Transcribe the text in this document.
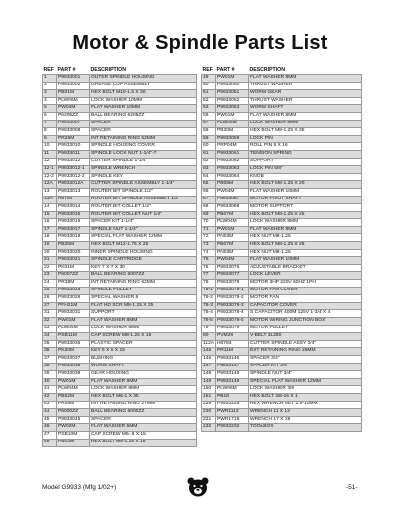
Motor & Spindle Parts List
REF	PART #	DESCRIPTION
1	P9933001	OUTER SPINDLE HOUSING
2	P9933002	GREASE CUP ASSEMBLY
3	PB01M	HEX BOLT M10-1.5 X 30
4	PLW06M	LOCK WASHER 10MM
5	PW04M	FLAT WASHER 10MM
6	P6205ZZ	BALL BEARING 6205ZZ
7	P9933007	SPACER
8	P9933008	SPACER
9	PR26M	INT RETAINING RING 52MM
10	P9933010	SPINDLE HOUSING COVER
11	P9933011	SPINDLE LOCK NUT 1-1/4"-7
12	P9933012	CUTTER SPINDLE 1-1/4"
12-1	P9933012-1	SPINDLE WRENCH
12-2	P9933012-2	SPINDLE KEY
12A	P9933012A	CUTTER SPINDLE ASSEMBLY 1-1/4"
13	P9933013	ROUTER BIT SPINDLE 1/2"
13A	H0784	ROUTER BIT SPINDLE ASSEMBLY 1/2"
14	P9933014	ROUTER BIT COLLET 1/2"
15	P9933015	ROUTER BIT COLLET NUT 1/2"
16	P9933016	SPACER KIT 1-1/4"
17	P9933017	SPINDLE NUT 1-1/4"
18	P9933018	SPECIAL FLAT WASHER 12MM
19	PB25M	HEX BOLT M12-1.75 X 25
20	P9933020	INNER SPINDLE HOUSING
21	P9933021	SPINDLE CARTRIDGE
22	PK01M	KEY 7 X 7 X 30
23	P6007ZZ	BALL BEARING 6007ZZ
24	PR38M	INT RETAINING RING 62MM
25	P9933025	SPINDLE PULLEY
26	P9933026	SPECIAL WASHER 8
27	PFH21M	FLAT HD SCR M8-1.25 X 25
31	P9933031	SUPPORT
32	PW01M	FLAT WASHER 8MM
33	PLW04M	LOCK WASHER 8MM
34	PSB11M	CAP SCREW M8-1.25 X 16
35	P9933035	PLASTIC SPACER
36	PK20M	KEY 5 X 5 X 15
37	P9933037	BUSHING
38	P9933038	WORM SHAFT
39	P9933039	GEAR HOUSING
40	PW01M	FLAT WASHER 8MM
41	PLW04M	LOCK WASHER 8MM
42	PB52M	HEX BOLT M6-1 X 35
43	PR46M	INT RETAINING RING 27MM
44	P6000ZZ	BALL BEARING 6000ZZ
45	P9933045	SPACER
46	PW02M	FLAT WASHER 5MM
47	PSB10M	CAP SCREW M5-.8 X 15
48	PB03M	HEX BOLT M8-1.25 X 16
REF	PART #	DESCRIPTION
49	PW01M	FLAT WASHER 8MM
50	P9933050	THRUST WASHER
51	P9933051	WORM GEAR
52	P9933052	THRUST WASHER
53	P9933053	WORM SHAFT
56	PW01M	FLAT WASHER 8MM
57	PLW04M	LOCK WASHER 8MM
58	PB20M	HEX BOLT M8-1.25 X 35
59	P9933059	LOCK PIN
60	PRP04M	ROLL PIN 5 X 16
61	P9933061	TENSION SPRING
62	P9933062	SUPPORT
63	P9933063	LOCK PIN 5/8"
64	P9933064	KNOB
65	PB09M	HEX BOLT M8-1.25 X 20
66	PW04M	FLAT WASHER 10MM
67	P9933067	MOTOR PIVOT SHAFT
68	P9933068	MOTOR SUPPORT
69	PB07M	HEX BOLT M8-1.25 X 25
70	PLW04M	LOCK WASHER 8MM
71	PW01M	FLAT WASHER 8MM
72	PN03M	HEX NUT M8-1.25
73	PB07M	HEX BOLT M8-1.25 X 25
74	PN03M	HEX NUT M8-1.25
75	PW04M	FLAT WASHER 10MM
76	P9933076	ADJUSTABLE BRACKET
77	P9933077	LOCK LEVER
78	P9933078	MOTOR 3HP 220V 60HZ 1PH
78-1	P9933078-1	MOTOR FAN COVER
78-2	P9933078-2	MOTOR FAN
78-3	P9933078-3	CAPACITOR COVER
78-4	P9933078-4	S CAPACITOR 400M 125V 1-3/4 X 4
78-5	P9933078-5	MOTOR WIRING JUNCTION BOX
79	P9933079	MOTOR PULLEY
80	PVM28	V-BELT 3L280
112A	H0783	CUTTER SPINDLE ASSY 3/4"
145	PR11M	EXT RETAINING RING 25MM
146	P9933146	SPACER 3/4"
147	P9933147	SPACER KIT 3/4"
148	P9933148	SPINDLE NUT 3/4"
149	P9933149	SPECIAL FLAT WASHER 12MM
150	PLW06M	LOCK WASHER 3/8
151	PB18	HEX BOLT 3/8-16 X 1
229	P9933229	HEX WRENCH SET 1.5-10MM
230	PWR1113	WRENCH 11 X 13
231	PWR1719	WRENCH 17 X 19
232	P9933232	TOOLBOX
Model G9933 (Mfg 1/02+)	-51-
